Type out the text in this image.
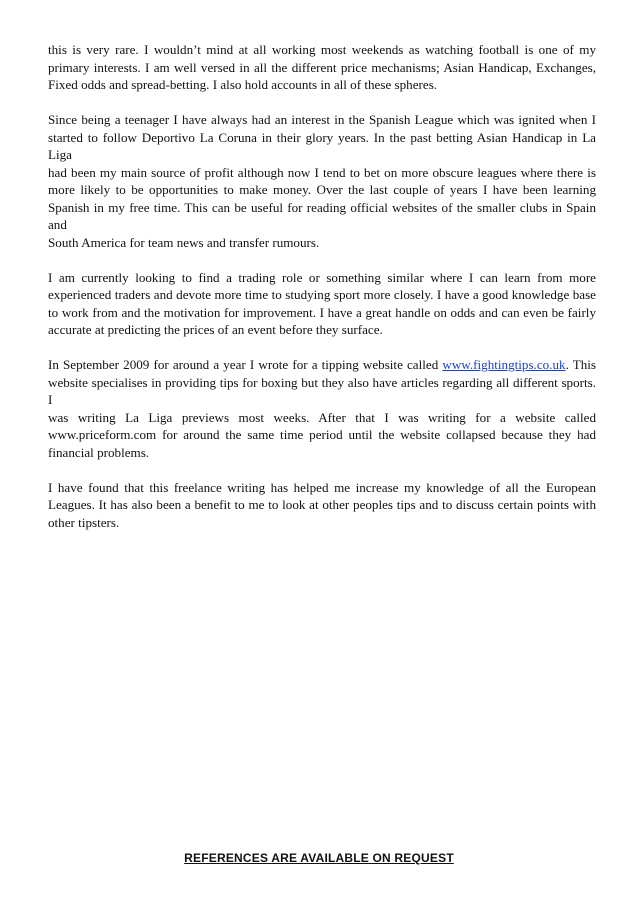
this is very rare. I wouldn’t mind at all working most weekends as watching football is one of my
primary interests. I am well versed in all the different price mechanisms; Asian Handicap, Exchanges,
Fixed odds and spread-betting. I also hold accounts in all of these spheres.

Since being a teenager I have always had an interest in the Spanish League which was ignited when I
started to follow Deportivo La Coruna in their glory years. In the past betting Asian Handicap in La Liga
had been my main source of profit although now I tend to bet on more obscure leagues where there is
more likely to be opportunities to make money. Over the last couple of years I have been learning
Spanish in my free time. This can be useful for reading official websites of the smaller clubs in Spain and
South America for team news and transfer rumours.

I am currently looking to find a trading role or something similar where I can learn from more
experienced traders and devote more time to studying sport more closely. I have a good knowledge base
to work from and the motivation for improvement. I have a great handle on odds and can even be fairly
accurate at predicting the prices of an event before they surface.

In September 2009 for around a year I wrote for a tipping website called www.fightingtips.co.uk. This
website specialises in providing tips for boxing but they also have articles regarding all different sports. I
was writing La Liga previews most weeks. After that I was writing for a website called
www.priceform.com for around the same time period until the website collapsed because they had
financial problems.

I have found that this freelance writing has helped me increase my knowledge of all the European
Leagues. It has also been a benefit to me to look at other peoples tips and to discuss certain points with
other tipsters.

REFERENCES ARE AVAILABLE ON REQUEST
